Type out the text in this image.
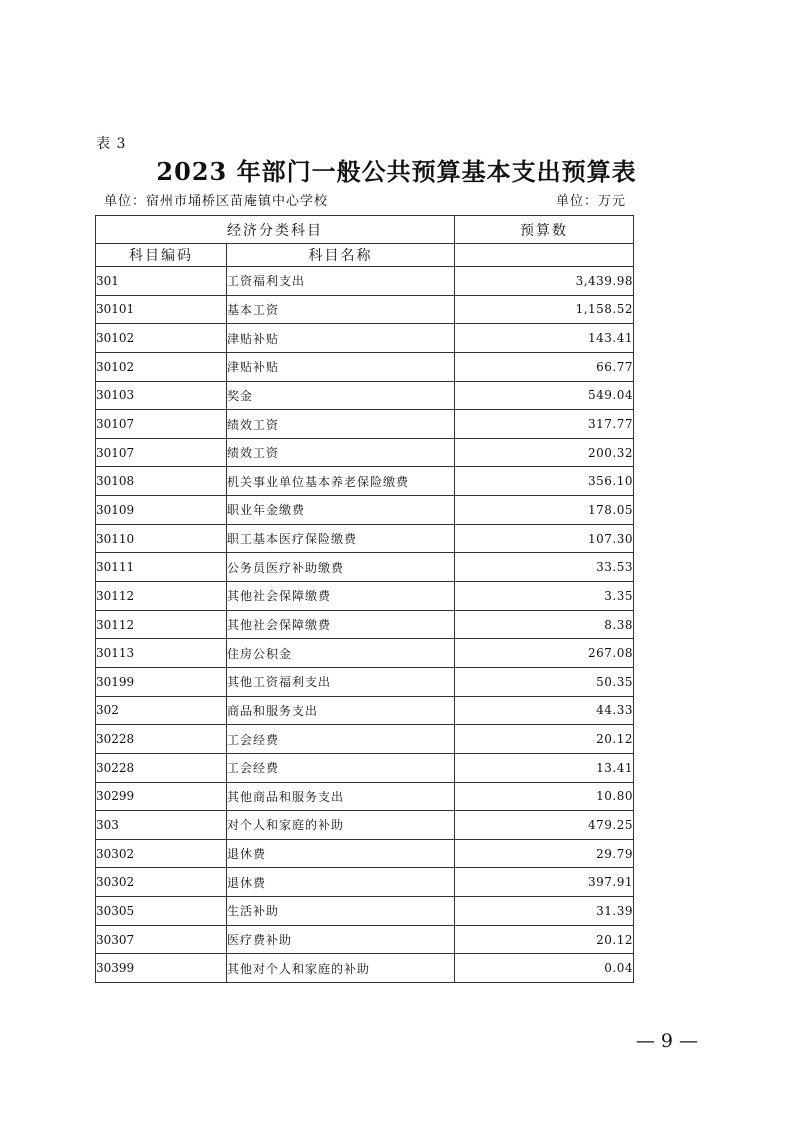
表 3
2023 年部门一般公共预算基本支出预算表
单位：宿州市埇桥区苗庵镇中心学校	单位：万元
经济分类科目		预算数
科目编码	科目名称	
301	工资福利支出	3,439.98
30101	基本工资	1,158.52
30102	津贴补贴	143.41
30102	津贴补贴	66.77
30103	奖金	549.04
30107	绩效工资	317.77
30107	绩效工资	200.32
30108	机关事业单位基本养老保险缴费	356.10
30109	职业年金缴费	178.05
30110	职工基本医疗保险缴费	107.30
30111	公务员医疗补助缴费	33.53
30112	其他社会保障缴费	3.35
30112	其他社会保障缴费	8.38
30113	住房公积金	267.08
30199	其他工资福利支出	50.35
302	商品和服务支出	44.33
30228	工会经费	20.12
30228	工会经费	13.41
30299	其他商品和服务支出	10.80
303	对个人和家庭的补助	479.25
30302	退休费	29.79
30302	退休费	397.91
30305	生活补助	31.39
30307	医疗费补助	20.12
30399	其他对个人和家庭的补助	0.04
— 9 —
